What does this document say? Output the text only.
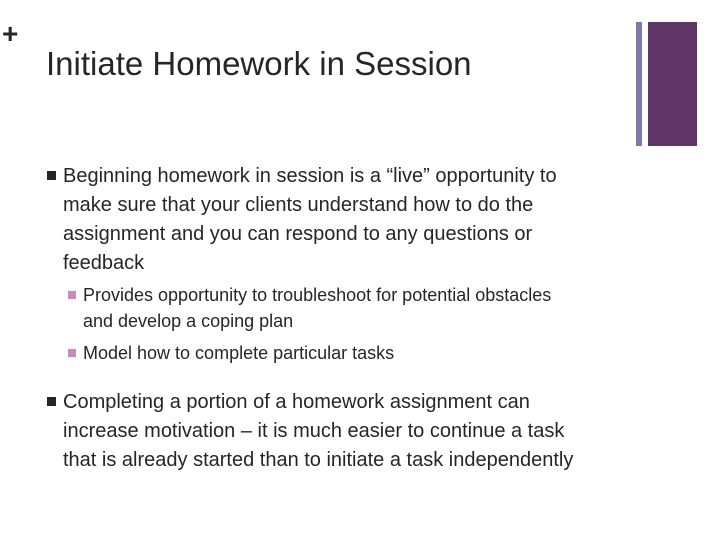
+
Initiate Homework in Session
Beginning homework in session is a “live” opportunity to
make sure that your clients understand how to do the
assignment and you can respond to any questions or
feedback
Provides opportunity to troubleshoot for potential obstacles
and develop a coping plan
Model how to complete particular tasks
Completing a portion of a homework assignment can
increase motivation – it is much easier to continue a task
that is already started than to initiate a task independently
